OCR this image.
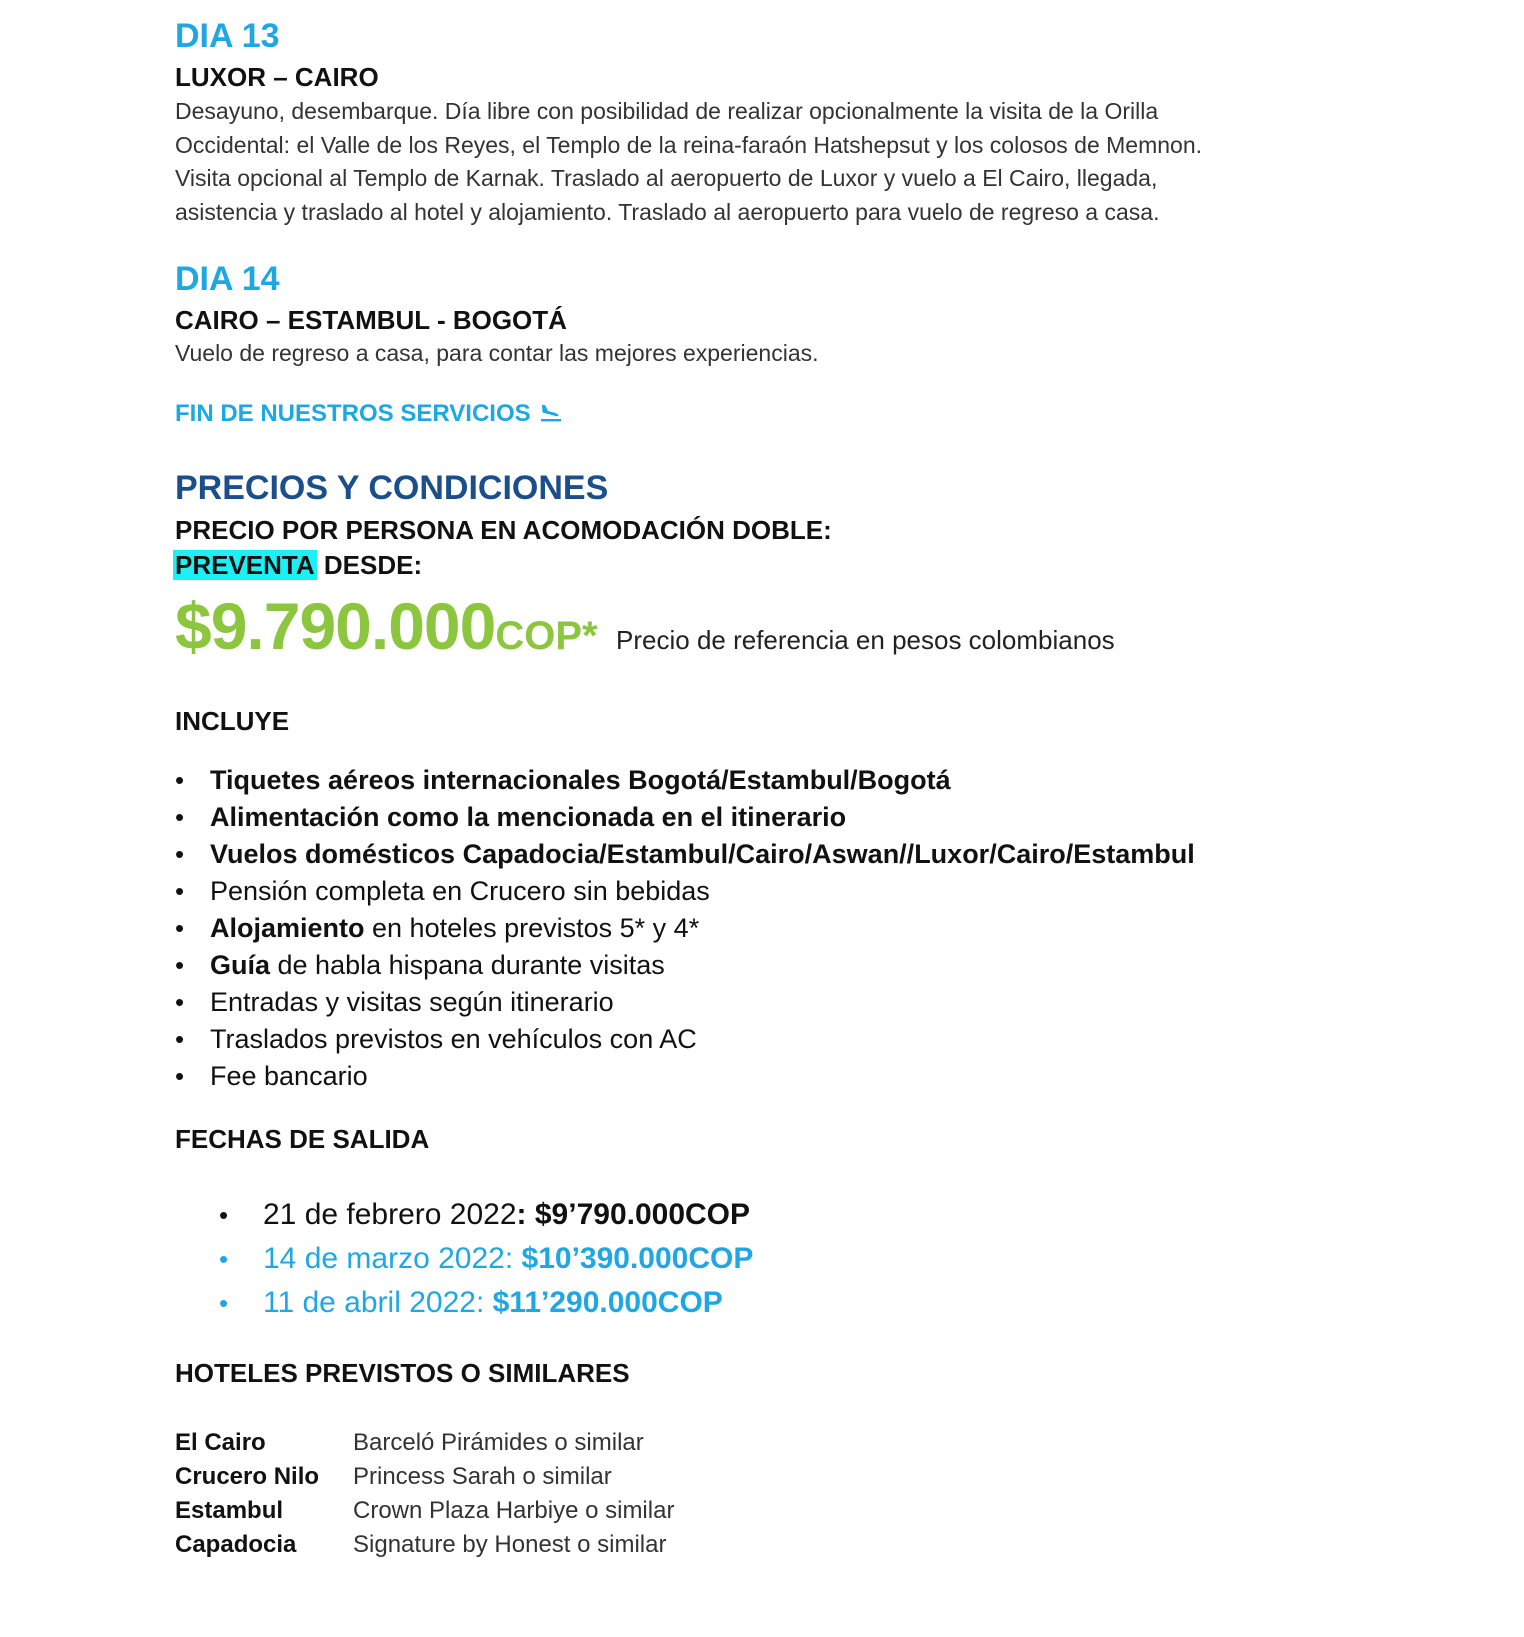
DIA 13
LUXOR – CAIRO
Desayuno, desembarque. Día libre con posibilidad de realizar opcionalmente la visita de la Orilla
Occidental: el Valle de los Reyes, el Templo de la reina-faraón Hatshepsut y los colosos de Memnon.
Visita opcional al Templo de Karnak. Traslado al aeropuerto de Luxor y vuelo a El Cairo, llegada,
asistencia y traslado al hotel y alojamiento. Traslado al aeropuerto para vuelo de regreso a casa.
DIA 14
CAIRO – ESTAMBUL - BOGOTÁ
Vuelo de regreso a casa, para contar las mejores experiencias.
FIN DE NUESTROS SERVICIOS
PRECIOS Y CONDICIONES
PRECIO POR PERSONA EN ACOMODACIÓN DOBLE:
PREVENTA DESDE:
$9.790.000COP* Precio de referencia en pesos colombianos
INCLUYE
• Tiquetes aéreos internacionales Bogotá/Estambul/Bogotá
• Alimentación como la mencionada en el itinerario
• Vuelos domésticos Capadocia/Estambul/Cairo/Aswan//Luxor/Cairo/Estambul
• Pensión completa en Crucero sin bebidas
• Alojamiento en hoteles previstos 5* y 4*
• Guía de habla hispana durante visitas
• Entradas y visitas según itinerario
• Traslados previstos en vehículos con AC
• Fee bancario
FECHAS DE SALIDA
• 21 de febrero 2022: $9’790.000COP
• 14 de marzo 2022: $10’390.000COP
• 11 de abril 2022: $11’290.000COP
HOTELES PREVISTOS O SIMILARES
El Cairo	Barceló Pirámides o similar
Crucero Nilo	Princess Sarah o similar
Estambul	Crown Plaza Harbiye o similar
Capadocia	Signature by Honest o similar
